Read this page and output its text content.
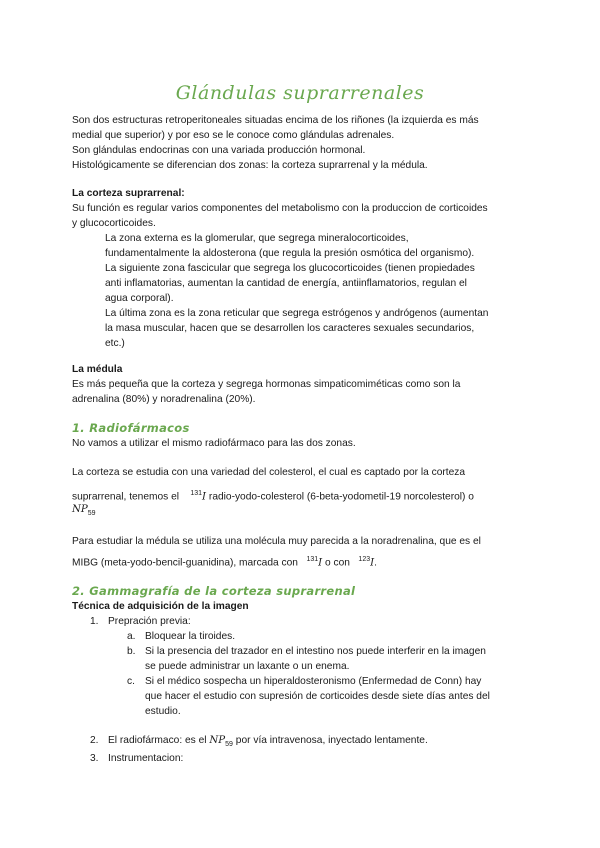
Glándulas suprarrenales
Son dos estructuras retroperitoneales situadas encima de los riñones (la izquierda es más
medial que superior) y por eso se le conoce como glándulas adrenales.
Son glándulas endocrinas con una variada producción hormonal.
Histológicamente se diferencian dos zonas: la corteza suprarrenal y la médula.
La corteza suprarrenal:
Su función es regular varios componentes del metabolismo con la produccion de corticoides
y glucocorticoides.
La zona externa es la glomerular, que segrega mineralocorticoides,
fundamentalmente la aldosterona (que regula la presión osmótica del organismo).
La siguiente zona fascicular que segrega los glucocorticoides (tienen propiedades
anti inflamatorias, aumentan la cantidad de energía, antiinflamatorios, regulan el
agua corporal).
La última zona es la zona reticular que segrega estrógenos y andrógenos (aumentan
la masa muscular, hacen que se desarrollen los caracteres sexuales secundarios,
etc.)
La médula
Es más pequeña que la corteza y segrega hormonas simpaticomiméticas como son la
adrenalina (80%) y noradrenalina (20%).
1. Radiofármacos
No vamos a utilizar el mismo radiofármaco para las dos zonas.
La corteza se estudia con una variedad del colesterol, el cual es captado por la corteza
suprarrenal, tenemos el $^{131}$I radio-yodo-colesterol (6-beta-yodometil-19 norcolesterol) o
$NP_{59}$
Para estudiar la médula se utiliza una molécula muy parecida a la noradrenalina, que es el
MIBG (meta-yodo-bencil-guanidina), marcada con $^{131}$I o con $^{123}$I.
2. Gammagrafía de la corteza suprarrenal
Técnica de adquisición de la imagen
1. Prepración previa:
a. Bloquear la tiroides.
b. Si la presencia del trazador en el intestino nos puede interferir en la imagen
se puede administrar un laxante o un enema.
c. Si el médico sospecha un hiperaldosteronismo (Enfermedad de Conn) hay
que hacer el estudio con supresión de corticoides desde siete días antes del
estudio.
2. El radiofármaco: es el $NP_{59}$ por vía intravenosa, inyectado lentamente.
3. Instrumentacion:
